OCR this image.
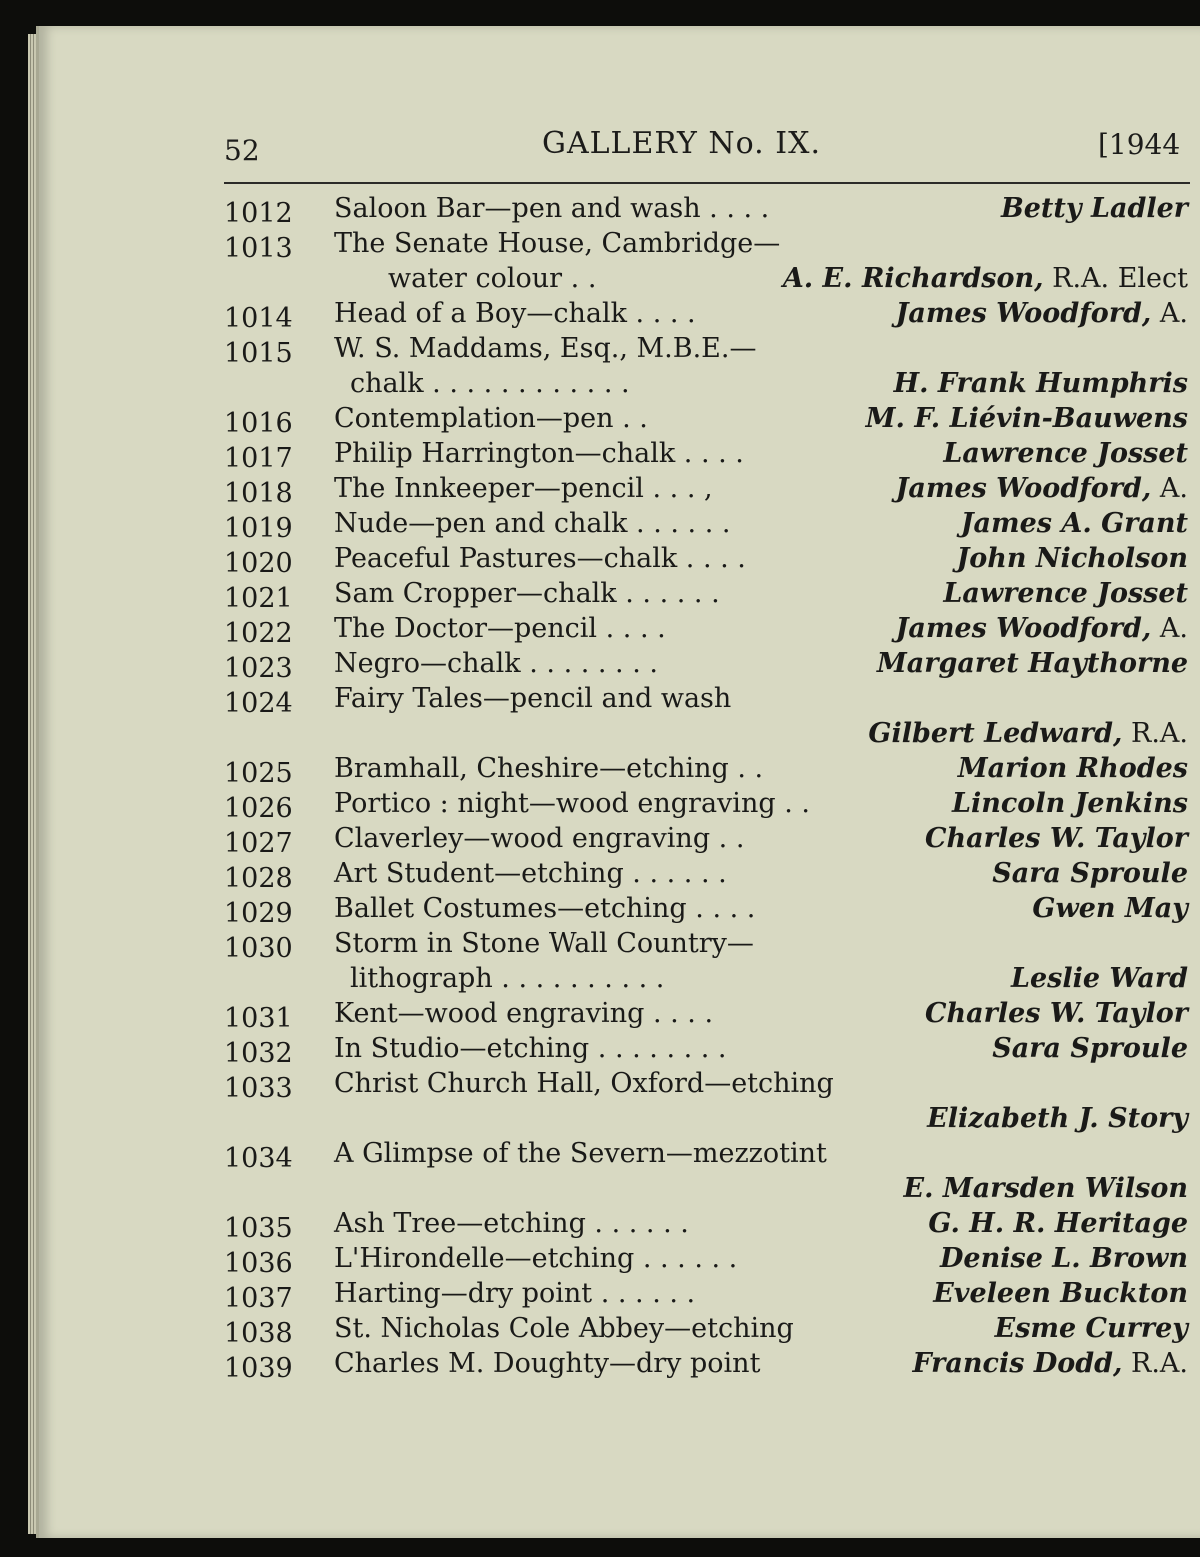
52	GALLERY No. IX.	[1944
1012 Saloon Bar—pen and wash . . . .	Betty Ladler
1013 The Senate House, Cambridge—
water colour . .	A. E. Richardson, R.A. Elect
1014 Head of a Boy—chalk . . . .	James Woodford, A.
1015 W. S. Maddams, Esq., M.B.E.—
chalk . . . . . . . . . . . .	H. Frank Humphris
1016 Contemplation—pen . .	M. F. Liévin-Bauwens
1017 Philip Harrington—chalk . . . .	Lawrence Josset
1018 The Innkeeper—pencil . . . ,	James Woodford, A.
1019 Nude—pen and chalk . . . . . .	James A. Grant
1020 Peaceful Pastures—chalk . . . .	John Nicholson
1021 Sam Cropper—chalk . . . . . .	Lawrence Josset
1022 The Doctor—pencil . . . .	James Woodford, A.
1023 Negro—chalk . . . . . . . .	Margaret Haythorne
1024 Fairy Tales—pencil and wash
Gilbert Ledward, R.A.
1025 Bramhall, Cheshire—etching . .	Marion Rhodes
1026 Portico : night—wood engraving . .	Lincoln Jenkins
1027 Claverley—wood engraving . .	Charles W. Taylor
1028 Art Student—etching . . . . . .	Sara Sproule
1029 Ballet Costumes—etching . . . .	Gwen May
1030 Storm in Stone Wall Country—
lithograph . . . . . . . . . .	Leslie Ward
1031 Kent—wood engraving . . . .	Charles W. Taylor
1032 In Studio—etching . . . . . . . .	Sara Sproule
1033 Christ Church Hall, Oxford—etching
Elizabeth J. Story
1034 A Glimpse of the Severn—mezzotint
E. Marsden Wilson
1035 Ash Tree—etching . . . . . .	G. H. R. Heritage
1036 L'Hirondelle—etching . . . . . .	Denise L. Brown
1037 Harting—dry point . . . . . .	Eveleen Buckton
1038 St. Nicholas Cole Abbey—etching	Esme Currey
1039 Charles M. Doughty—dry point	Francis Dodd, R.A.
